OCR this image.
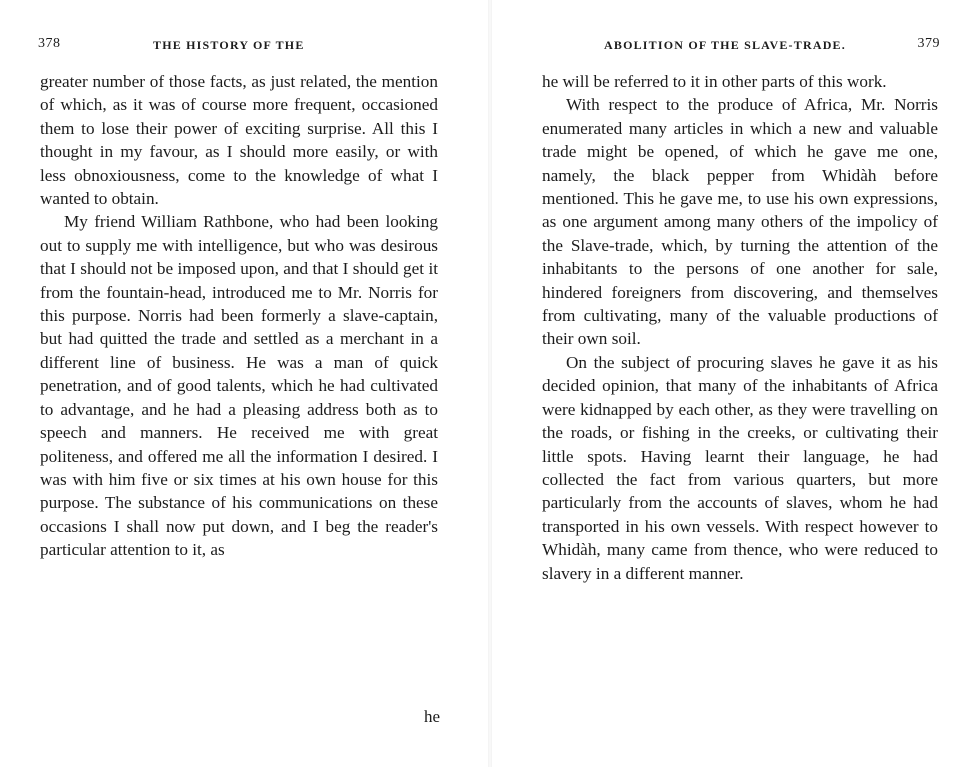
378	THE HISTORY OF THE

greater number of those facts, as just related, the mention of which, as it was of course more frequent, occasioned them to lose their power of exciting surprise. All this I thought in my favour, as I should more easily, or with less obnoxiousness, come to the knowledge of what I wanted to obtain.

My friend William Rathbone, who had been looking out to supply me with intelligence, but who was desirous that I should not be imposed upon, and that I should get it from the fountain-head, introduced me to Mr. Norris for this purpose. Norris had been formerly a slave-captain, but had quitted the trade and settled as a merchant in a different line of business. He was a man of quick penetration, and of good talents, which he had cultivated to advantage, and he had a pleasing address both as to speech and manners. He received me with great politeness, and offered me all the information I desired. I was with him five or six times at his own house for this purpose. The substance of his communications on these occasions I shall now put down, and I beg the reader's particular attention to it, as

he
ABOLITION OF THE SLAVE-TRADE.	379

he will be referred to it in other parts of this work.

With respect to the produce of Africa, Mr. Norris enumerated many articles in which a new and valuable trade might be opened, of which he gave me one, namely, the black pepper from Whidàh before mentioned. This he gave me, to use his own expressions, as one argument among many others of the impolicy of the Slave-trade, which, by turning the attention of the inhabitants to the persons of one another for sale, hindered foreigners from discovering, and themselves from cultivating, many of the valuable productions of their own soil.

On the subject of procuring slaves he gave it as his decided opinion, that many of the inhabitants of Africa were kidnapped by each other, as they were travelling on the roads, or fishing in the creeks, or cultivating their little spots. Having learnt their language, he had collected the fact from various quarters, but more particularly from the accounts of slaves, whom he had transported in his own vessels. With respect however to Whidàh, many came from thence, who were reduced to slavery in a different manner.
